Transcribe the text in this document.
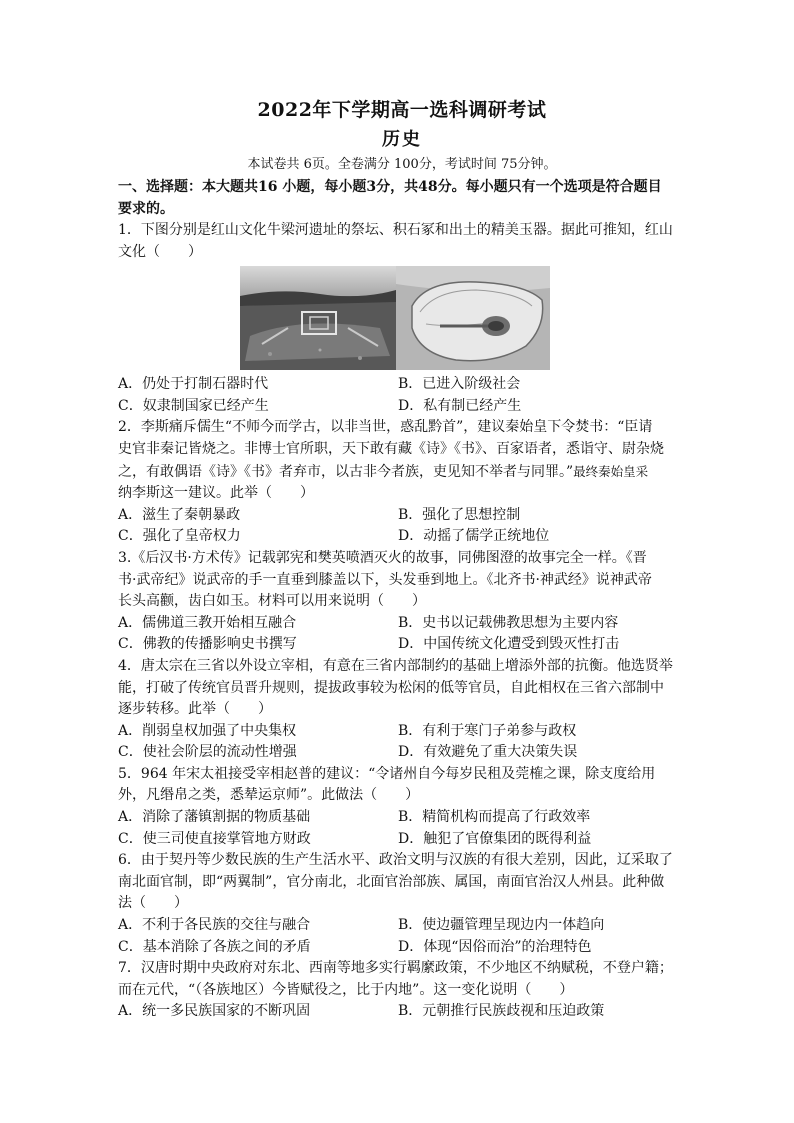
2022年下学期高一选科调研考试
历史

本试卷共 6页。全卷满分 100分，考试时间 75分钟。

一、选择题：本大题共16 小题，每小题3分，共48分。每小题只有一个选项是符合题目
要求的。

1．下图分别是红山文化牛梁河遗址的祭坛、积石冢和出土的精美玉器。据此可推知，红山
文化（　　）

A．仍处于打制石器时代	B．已进入阶级社会
C．奴隶制国家已经产生	D．私有制已经产生

2．李斯痛斥儒生“不师今而学古，以非当世，惑乱黔首”，建议秦始皇下令焚书：“臣请
史官非秦记皆烧之。非博士官所职，天下敢有藏《诗》《书》、百家语者，悉诣守、尉杂烧
之，有敢偶语《诗》《书》者弃市，以古非今者族，吏见知不举者与同罪。”最终秦始皇采
纳李斯这一建议。此举（　　）

A．滋生了秦朝暴政	B．强化了思想控制
C．强化了皇帝权力	D．动摇了儒学正统地位

3.《后汉书·方术传》记载郭宪和樊英喷酒灭火的故事，同佛图澄的故事完全一样。《晋
书·武帝纪》说武帝的手一直垂到膝盖以下，头发垂到地上。《北齐书·神武经》说神武帝
长头高颧，齿白如玉。材料可以用来说明（　　）

A．儒佛道三教开始相互融合	B．史书以记载佛教思想为主要内容
C．佛教的传播影响史书撰写	D．中国传统文化遭受到毁灭性打击

4．唐太宗在三省以外设立宰相，有意在三省内部制约的基础上增添外部的抗衡。他选贤举
能，打破了传统官员晋升规则，提拔政事较为松闲的低等官员，自此相权在三省六部制中
逐步转移。此举（　　）

A．削弱皇权加强了中央集权	B．有利于寒门子弟参与政权
C．使社会阶层的流动性增强	D．有效避免了重大决策失误

5．964 年宋太祖接受宰相赵普的建议：“令诸州自今每岁民租及莞榷之课，除支度给用
外，凡缗帛之类，悉辇运京师”。此做法（　　）

A．消除了藩镇割据的物质基础	B．精简机构而提高了行政效率
C．使三司使直接掌管地方财政	D．触犯了官僚集团的既得利益

6．由于契丹等少数民族的生产生活水平、政治文明与汉族的有很大差别，因此，辽采取了
南北面官制，即“两翼制”，官分南北，北面官治部族、属国，南面官治汉人州县。此种做
法（　　）

A．不利于各民族的交往与融合	B．使边疆管理呈现边内一体趋向
C．基本消除了各族之间的矛盾	D．体现“因俗而治”的治理特色

7．汉唐时期中央政府对东北、西南等地多实行羁縻政策，不少地区不纳赋税，不登户籍；
而在元代，“（各族地区）今皆赋役之，比于内地”。这一变化说明（　　）

A．统一多民族国家的不断巩固	B．元朝推行民族歧视和压迫政策
